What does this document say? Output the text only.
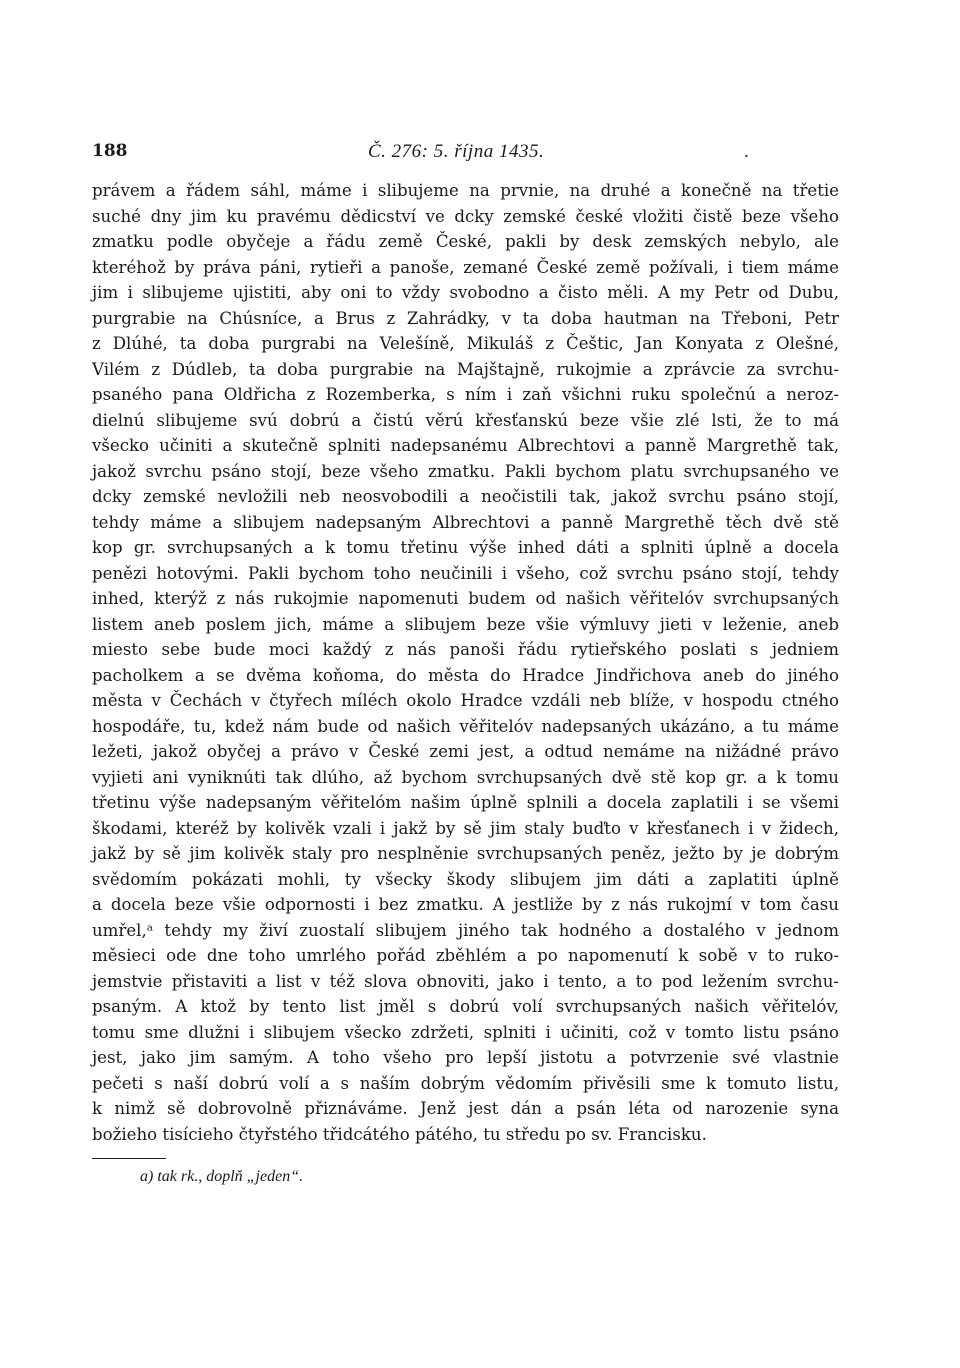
188	Č. 276: 5. října 1435.	.
právem a řádem sáhl, máme i slibujeme na prvnie, na druhé a konečně na třetie
suché dny jim ku pravému dědicství ve dcky zemské české vložiti čistě beze všeho
zmatku podle obyčeje a řádu země České, pakli by desk zemských nebylo, ale
kteréhož by práva páni, rytieři a panoše, zemané České země požívali, i tiem máme
jim i slibujeme ujistiti, aby oni to vždy svobodno a čisto měli. A my Petr od Dubu,
purgrabie na Chúsníce, a Brus z Zahrádky, v ta doba hautman na Třeboni, Petr
z Dlúhé, ta doba purgrabi na Velešíně, Mikuláš z Češtic, Jan Konyata z Olešné,
Vilém z Dúdleb, ta doba purgrabie na Majštajně, rukojmie a zprávcie za svrchu-
psaného pana Oldřicha z Rozemberka, s ním i zaň všichni ruku společnú a neroz-
dielnú slibujeme svú dobrú a čistú věrú křesťanskú beze všie zlé lsti, že to má
všecko učiniti a skutečně splniti nadepsanému Albrechtovi a panně Margrethě tak,
jakož svrchu psáno stojí, beze všeho zmatku. Pakli bychom platu svrchupsaného ve
dcky zemské nevložili neb neosvobodili a neočistili tak, jakož svrchu psáno stojí,
tehdy máme a slibujem nadepsaným Albrechtovi a panně Margrethě těch dvě stě
kop gr. svrchupsaných a k tomu třetinu výše inhed dáti a splniti úplně a docela
penězi hotovými. Pakli bychom toho neučinili i všeho, což svrchu psáno stojí, tehdy
inhed, kterýž z nás rukojmie napomenuti budem od našich věřitelóv svrchupsaných
listem aneb poslem jich, máme a slibujem beze všie výmluvy jieti v leženie, aneb
miesto sebe bude moci každý z nás panoši řádu rytieřského poslati s jedniem
pacholkem a se dvěma koňoma, do města do Hradce Jindřichova aneb do jiného
města v Čechách v čtyřech míléch okolo Hradce vzdáli neb blíže, v hospodu ctného
hospodáře, tu, kdež nám bude od našich věřitelóv nadepsaných ukázáno, a tu máme
ležeti, jakož obyčej a právo v České zemi jest, a odtud nemáme na nižádné právo
vyjieti ani vyniknúti tak dlúho, až bychom svrchupsaných dvě stě kop gr. a k tomu
třetinu výše nadepsaným věřitelóm našim úplně splnili a docela zaplatili i se všemi
škodami, kteréž by kolivěk vzali i jakž by sě jim staly buďto v křesťanech i v židech,
jakž by sě jim kolivěk staly pro nesplněnie svrchupsaných peněz, ježto by je dobrým
svědomím pokázati mohli, ty všecky škody slibujem jim dáti a zaplatiti úplně
a docela beze všie odpornosti i bez zmatku. A jestliže by z nás rukojmí v tom času
umřel,ᵃ tehdy my živí zuostalí slibujem jiného tak hodného a dostalého v jednom
měsieci ode dne toho umrlého pořád zběhlém a po napomenutí k sobě v to ruko-
jemstvie přistaviti a list v též slova obnoviti, jako i tento, a to pod ležením svrchu-
psaným. A ktož by tento list jměl s dobrú volí svrchupsaných našich věřitelóv,
tomu sme dlužni i slibujem všecko zdržeti, splniti i učiniti, což v tomto listu psáno
jest, jako jim samým. A toho všeho pro lepší jistotu a potvrzenie své vlastnie
pečeti s naší dobrú volí a s naším dobrým vědomím přivěsili sme k tomuto listu,
k nimž sě dobrovolně přiznáváme. Jenž jest dán a psán léta od narozenie syna
božieho tisícieho čtyřstého třidcátého pátého, tu středu po sv. Francisku.
a) tak rk., doplň „jeden“.
